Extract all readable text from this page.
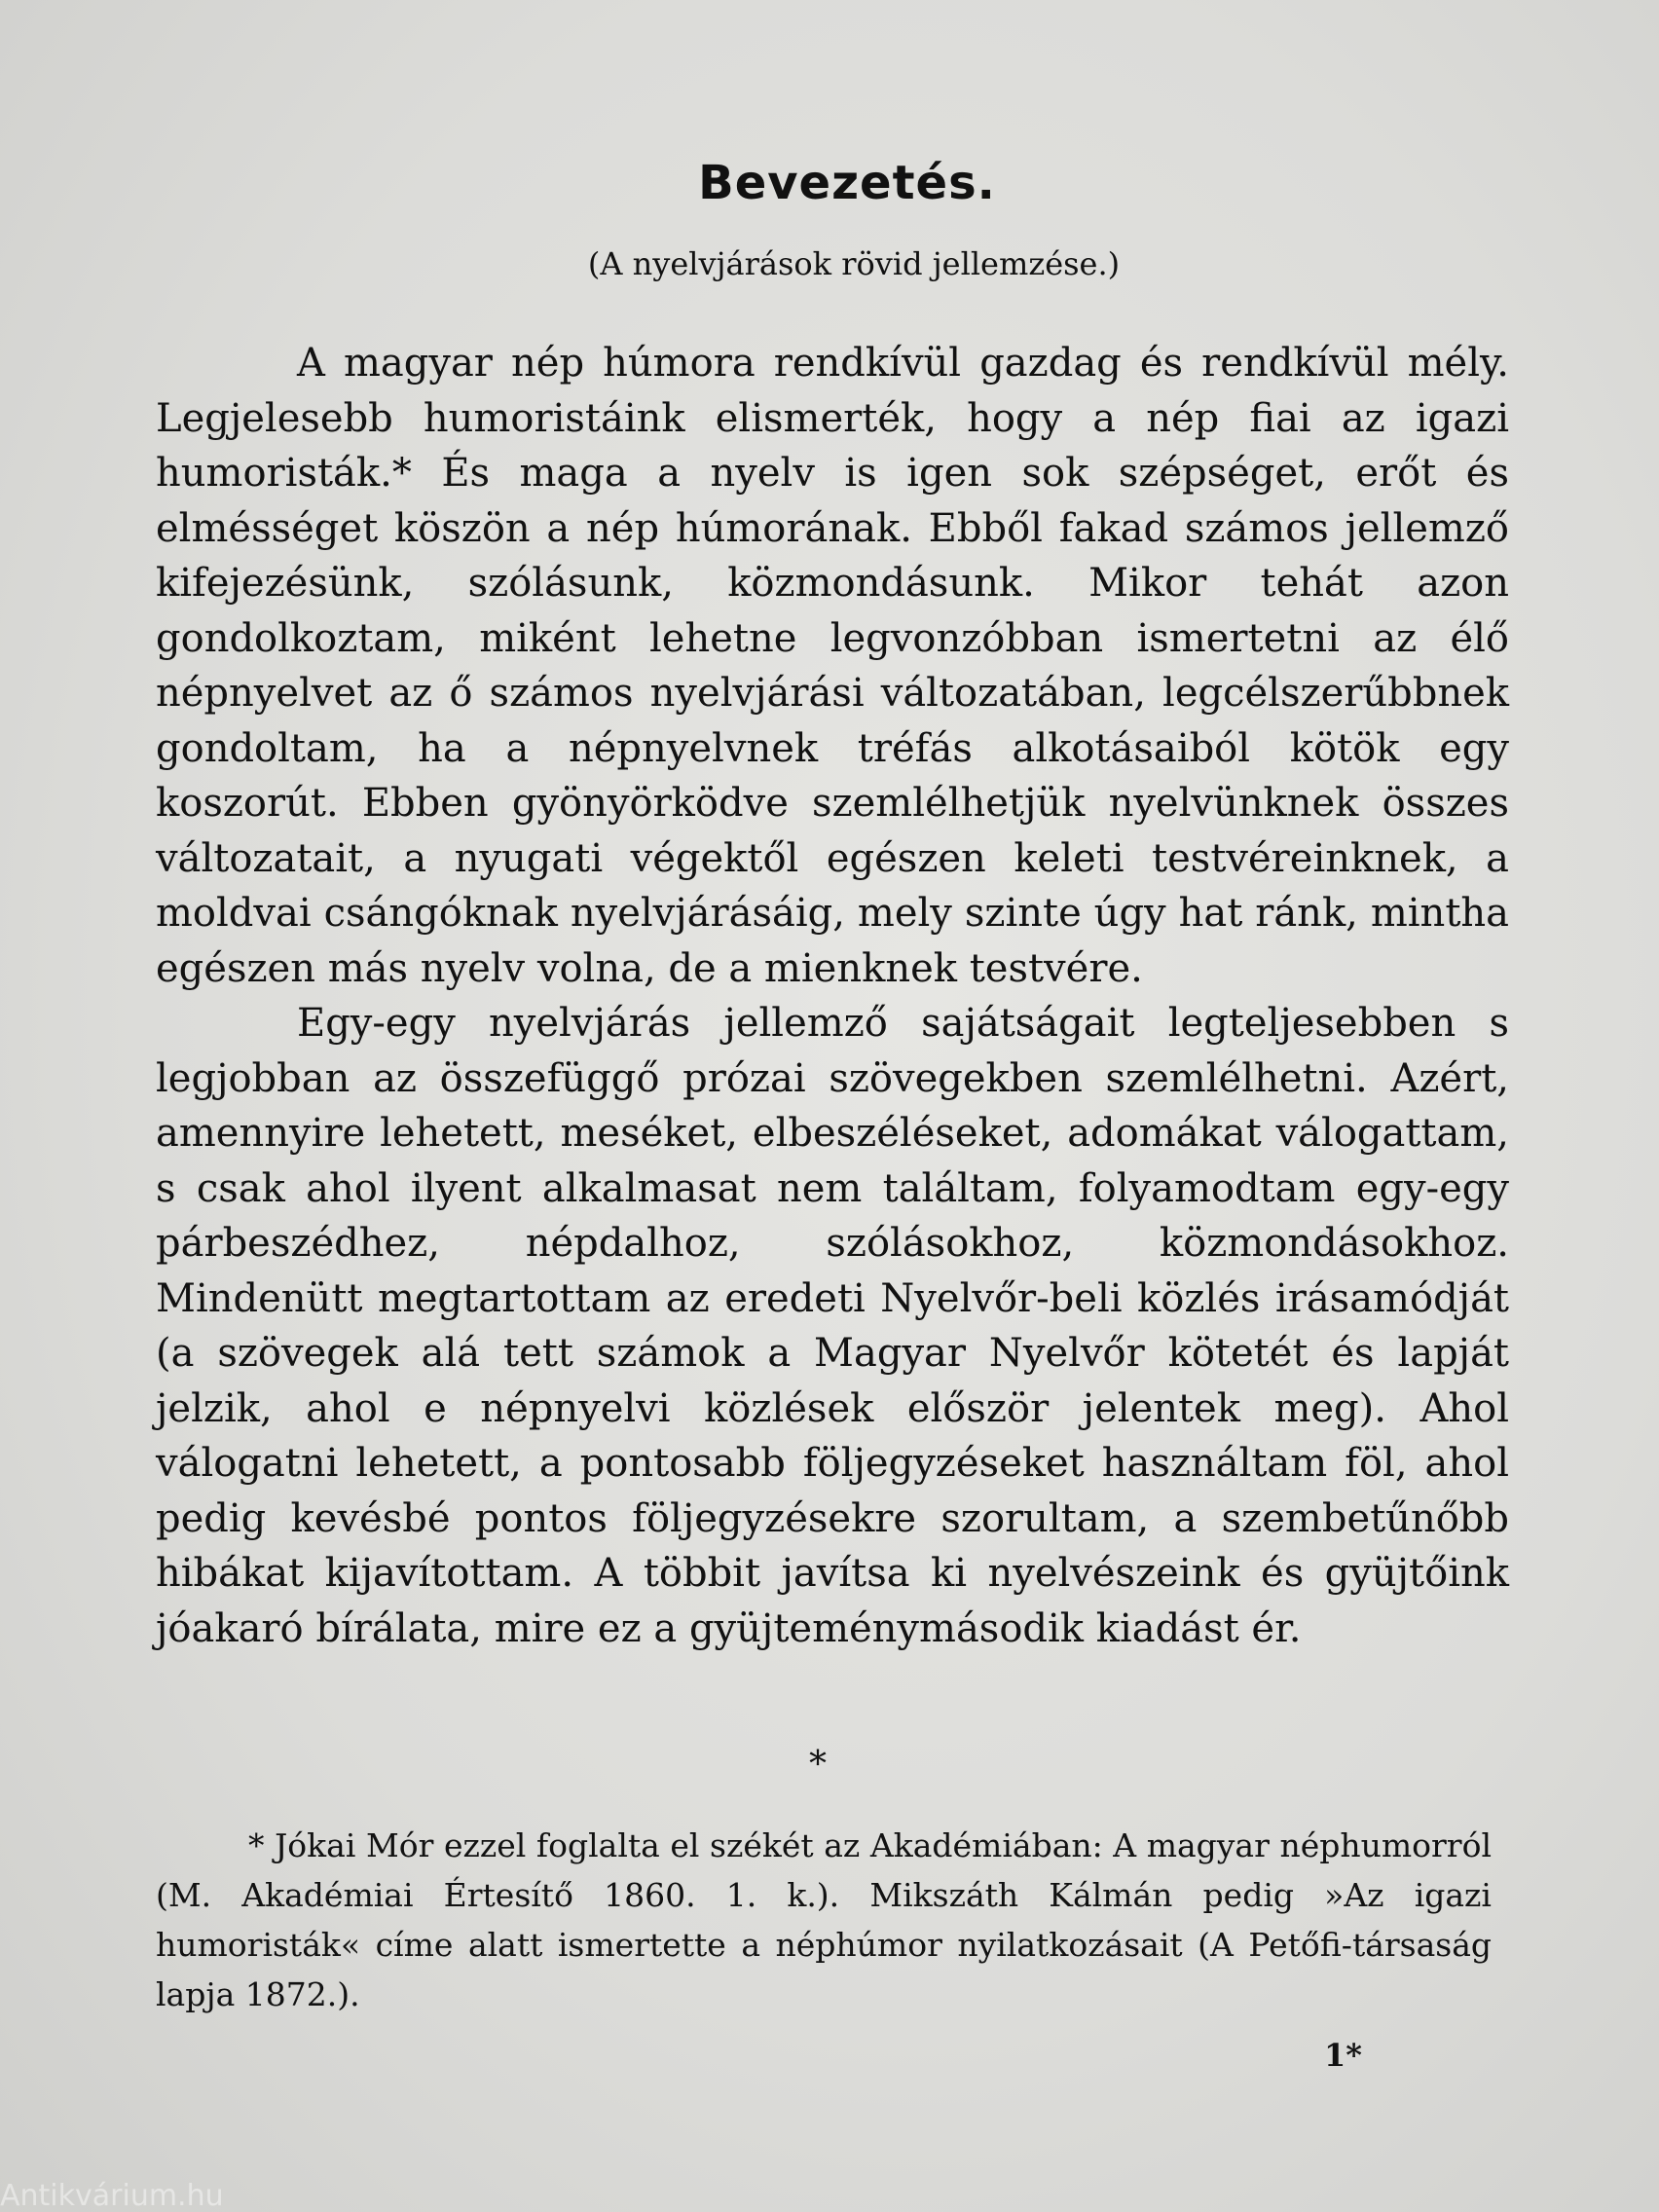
Bevezetés.
(A nyelvjárások rövid jellemzése.)

A magyar nép húmora rendkívül gazdag és rendkívül mély. Legjelesebb humoristáink elismerték, hogy a nép fiai az igazi humoristák.* És maga a nyelv is igen sok szépséget, erőt és elmésséget köszön a nép húmorának. Ebből fakad számos jellemző kifejezésünk, szólásunk, közmondásunk. Mikor tehát azon gondolkoztam, miként lehetne legvonzóbban ismertetni az élő népnyelvet az ő számos nyelvjárási változatában, legcélszerűbbnek gondoltam, ha a népnyelvnek tréfás alkotásaiból kötök egy koszorút. Ebben gyönyörködve szemlélhetjük nyelvünknek összes változatait, a nyugati végektől egészen keleti testvéreinknek, a moldvai csángóknak nyelvjárásáig, mely szinte úgy hat ránk, mintha egészen más nyelv volna, de a mienknek testvére.

Egy-egy nyelvjárás jellemző sajátságait legteljesebben s legjobban az összefüggő prózai szövegekben szemlélhetni. Azért, amennyire lehetett, meséket, elbeszéléseket, adomákat válogattam, s csak ahol ilyent alkalmasat nem találtam, folyamodtam egy-egy párbeszédhez, népdalhoz, szólásokhoz, közmondásokhoz. Mindenütt megtartottam az eredeti Nyelvőr-beli közlés irásamódját (a szövegek alá tett számok a Magyar Nyelvőr kötetét és lapját jelzik, ahol e népnyelvi közlések először jelentek meg). Ahol válogatni lehetett, a pontosabb följegyzéseket használtam föl, ahol pedig kevésbé pontos följegyzésekre szorultam, a szembetűnőbb hibákat kijavítottam. A többit javítsa ki nyelvészeink és gyüjtőink jóakaró bírálata, mire ez a gyüjteménymásodik kiadást ér.

*

* Jókai Mór ezzel foglalta el székét az Akadémiában: A magyar néphumorról (M. Akadémiai Értesítő 1860. 1. k.). Mikszáth Kálmán pedig »Az igazi humoristák« címe alatt ismertette a néphúmor nyilatkozásait (A Petőfi-társaság lapja 1872.).

1*
Antikvárium.hu
